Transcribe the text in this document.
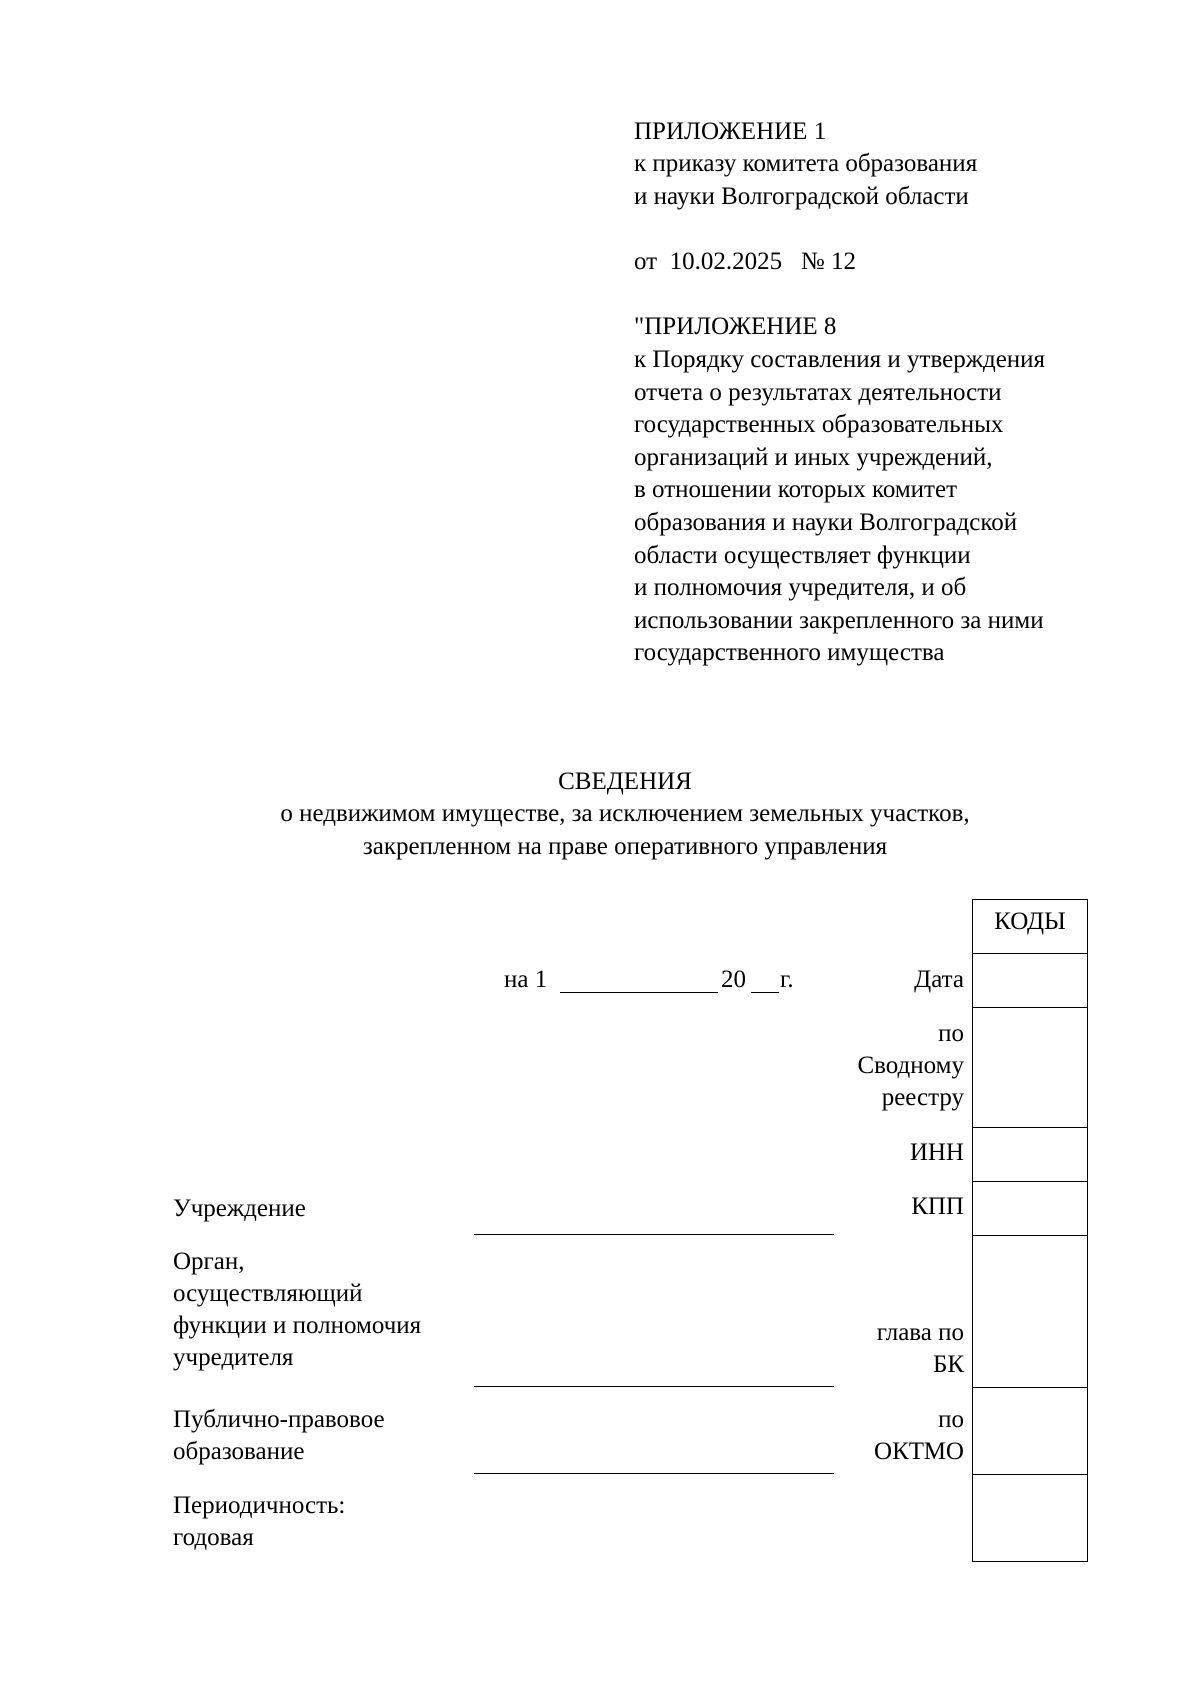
ПРИЛОЖЕНИЕ 1
к приказу комитета образования
и науки Волгоградской области
от  10.02.2025   № 12
"ПРИЛОЖЕНИЕ 8
к Порядку составления и утверждения
отчета о результатах деятельности
государственных образовательных
организаций и иных учреждений,
в отношении которых комитет
образования и науки Волгоградской
области осуществляет функции
и полномочия учредителя, и об
использовании закрепленного за ними
государственного имущества
СВЕДЕНИЯ
о недвижимом имуществе, за исключением земельных участков,
закрепленном на праве оперативного управления
на 1	20 г.	Дата
по
Сводному
реестру
ИНН
КПП
глава по
БК
по
ОКТМО
КОДЫ
Учреждение
Орган,
осуществляющий
функции и полномочия
учредителя
Публично-правовое
образование
Периодичность:
годовая
